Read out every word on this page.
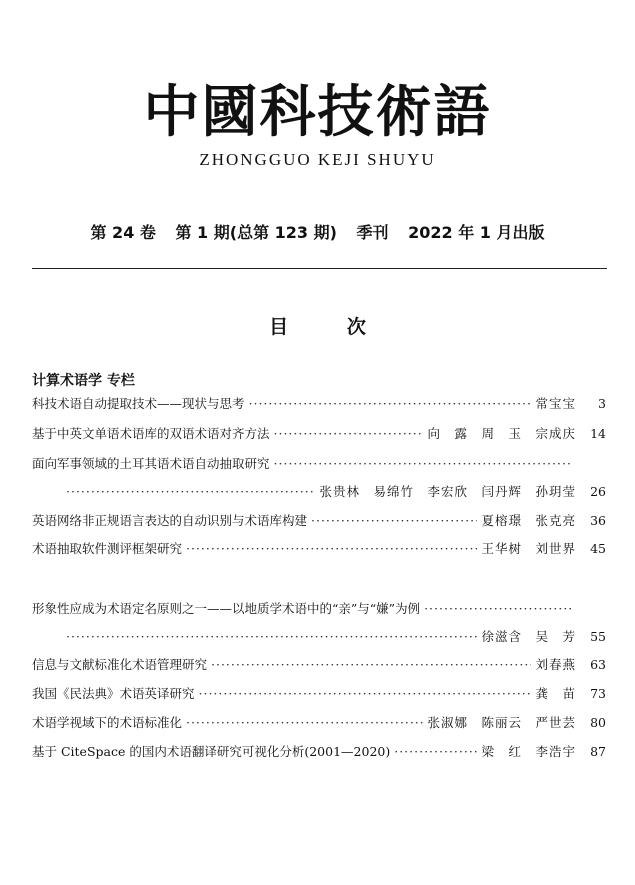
中國科技術語
ZHONGGUO KEJI SHUYU
第 24 卷 第 1 期(总第 123 期) 季刊 2022 年 1 月出版
目	次
计算术语学 专栏
科技术语自动提取技术——现状与思考 ·····	常宝宝	3
基于中英文单语术语库的双语术语对齐方法 ·····	向　露　周　玉　宗成庆	14
面向军事领域的土耳其语术语自动抽取研究
·····
·····
张贵林　易绵竹　李宏欣　闫丹辉　孙玥莹	26
英语网络非正规语言表达的自动识别与术语库构建 ·····	夏榕璟　张克亮	36
术语抽取软件测评框架研究 ·····	王华树　刘世界	45
形象性应成为术语定名原则之一——以地质学术语中的“亲”与“嫌”为例
·····
·····
徐滋含　吴　芳	55
信息与文献标准化术语管理研究 ·····	刘春燕	63
我国《民法典》术语英译研究 ·····	龚　苗	73
术语学视域下的术语标准化 ·····	张淑娜　陈丽云　严世芸	80
基于 CiteSpace 的国内术语翻译研究可视化分析(2001—2020) ·····	梁　红　李浩宇	87
